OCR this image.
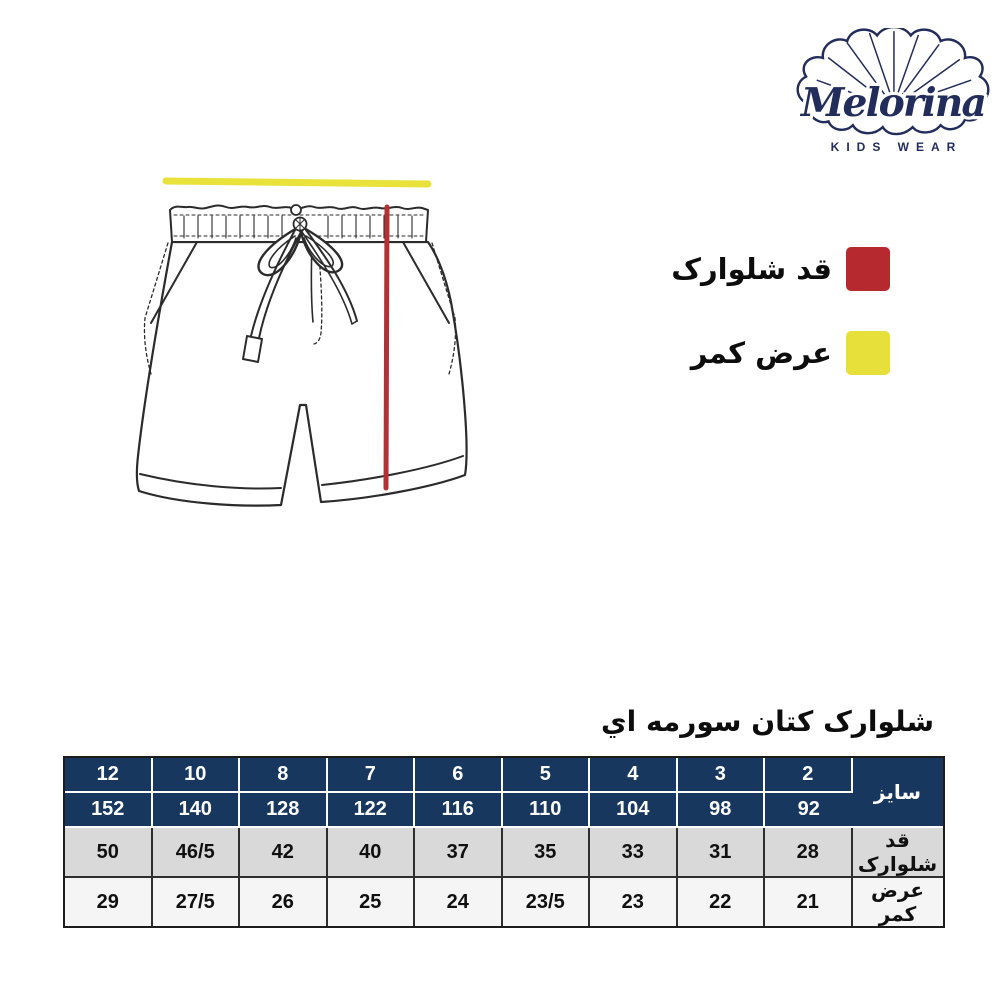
Melorina
KIDS WEAR
قد شلوارک
عرض کمر
شلوارک کتان سورمه اي
12	10	8	7	6	5	4	3	2	سایز
152	140	128	122	116	110	104	98	92	
50	46/5	42	40	37	35	33	31	28	قد شلوارک
29	27/5	26	25	24	23/5	23	22	21	عرض کمر
